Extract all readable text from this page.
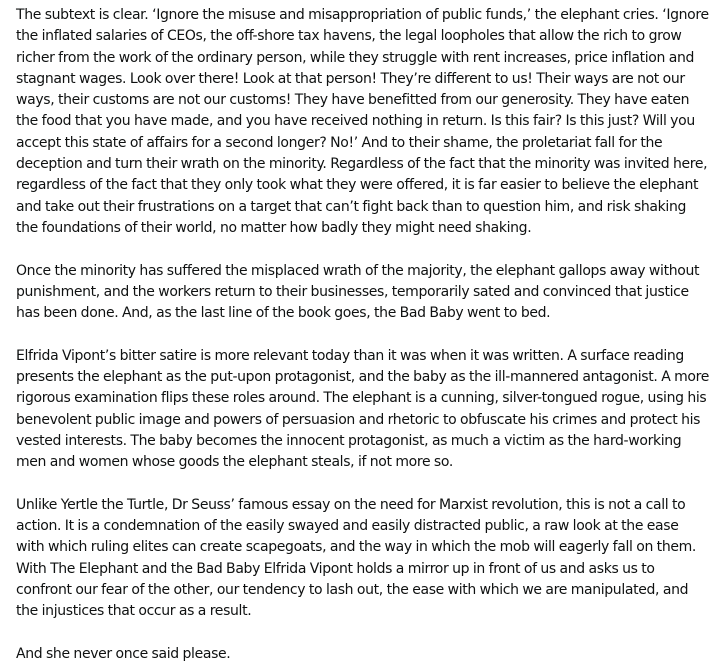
The subtext is clear. ‘Ignore the misuse and misappropriation of public funds,’ the elephant cries. ‘Ignore the inflated salaries of CEOs, the off-shore tax havens, the legal loopholes that allow the rich to grow richer from the work of the ordinary person, while they struggle with rent increases, price inflation and stagnant wages. Look over there! Look at that person! They’re different to us! Their ways are not our ways, their customs are not our customs! They have benefitted from our generosity. They have eaten the food that you have made, and you have received nothing in return. Is this fair? Is this just? Will you accept this state of affairs for a second longer? No!’ And to their shame, the proletariat fall for the deception and turn their wrath on the minority. Regardless of the fact that the minority was invited here, regardless of the fact that they only took what they were offered, it is far easier to believe the elephant and take out their frustrations on a target that can’t fight back than to question him, and risk shaking the foundations of their world, no matter how badly they might need shaking.

Once the minority has suffered the misplaced wrath of the majority, the elephant gallops away without punishment, and the workers return to their businesses, temporarily sated and convinced that justice has been done. And, as the last line of the book goes, the Bad Baby went to bed.

Elfrida Vipont’s bitter satire is more relevant today than it was when it was written. A surface reading presents the elephant as the put-upon protagonist, and the baby as the ill-mannered antagonist. A more rigorous examination flips these roles around. The elephant is a cunning, silver-tongued rogue, using his benevolent public image and powers of persuasion and rhetoric to obfuscate his crimes and protect his vested interests. The baby becomes the innocent protagonist, as much a victim as the hard-working men and women whose goods the elephant steals, if not more so.

Unlike Yertle the Turtle, Dr Seuss’ famous essay on the need for Marxist revolution, this is not a call to action. It is a condemnation of the easily swayed and easily distracted public, a raw look at the ease with which ruling elites can create scapegoats, and the way in which the mob will eagerly fall on them. With The Elephant and the Bad Baby Elfrida Vipont holds a mirror up in front of us and asks us to confront our fear of the other, our tendency to lash out, the ease with which we are manipulated, and the injustices that occur as a result.

And she never once said please.
